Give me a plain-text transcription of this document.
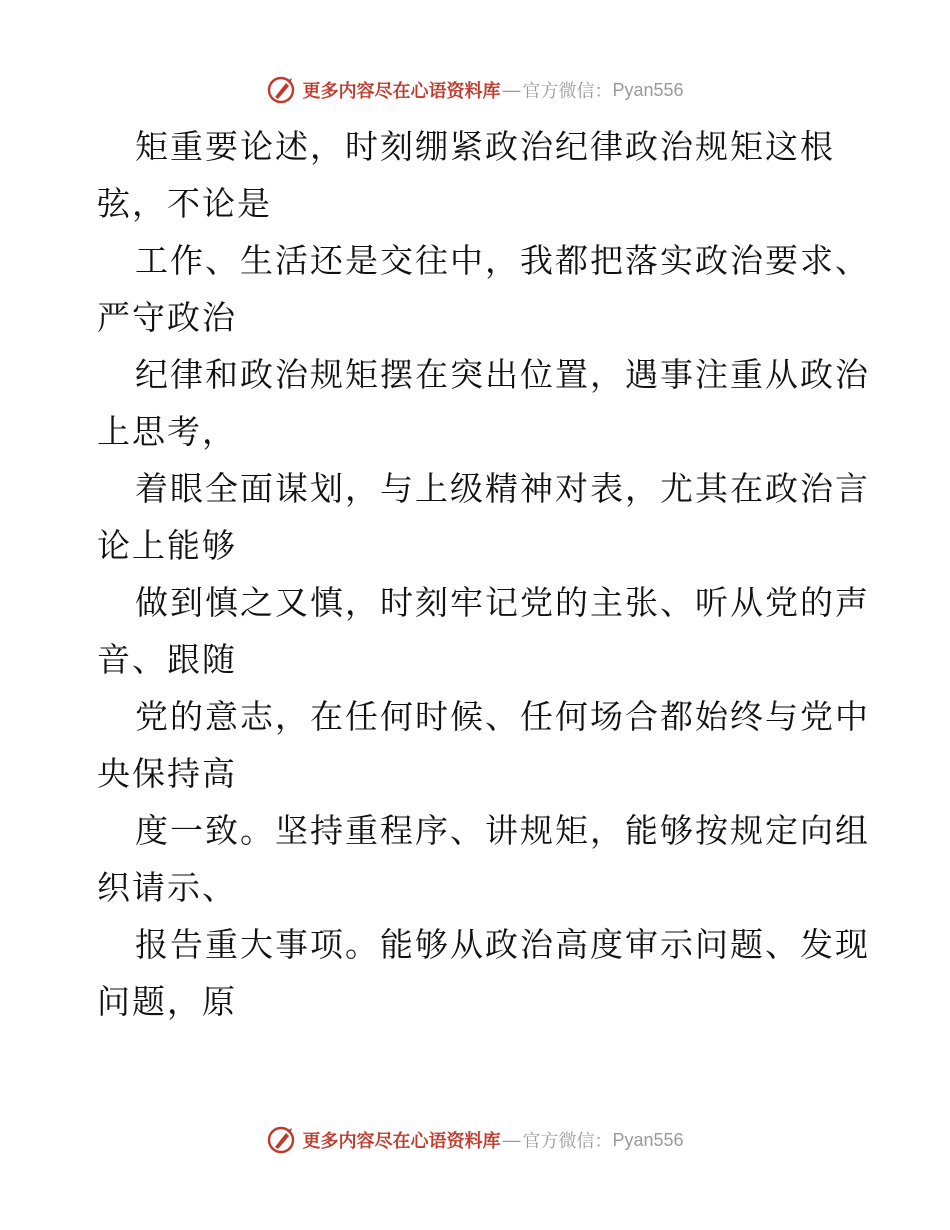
更多内容尽在心语资料库 — 官方微信： Pyan556

矩重要论述，时刻绷紧政治纪律政治规矩这根

弦，不论是

工作、生活还是交往中，我都把落实政治要求、

严守政治

纪律和政治规矩摆在突出位置，遇事注重从政治

上思考，

着眼全面谋划，与上级精神对表，尤其在政治言

论上能够

做到慎之又慎，时刻牢记党的主张、听从党的声

音、跟随

党的意志，在任何时候、任何场合都始终与党中

央保持高

度一致。坚持重程序、讲规矩，能够按规定向组

织请示、

报告重大事项。能够从政治高度审示问题、发现

问题，原

更多内容尽在心语资料库 — 官方微信： Pyan556
